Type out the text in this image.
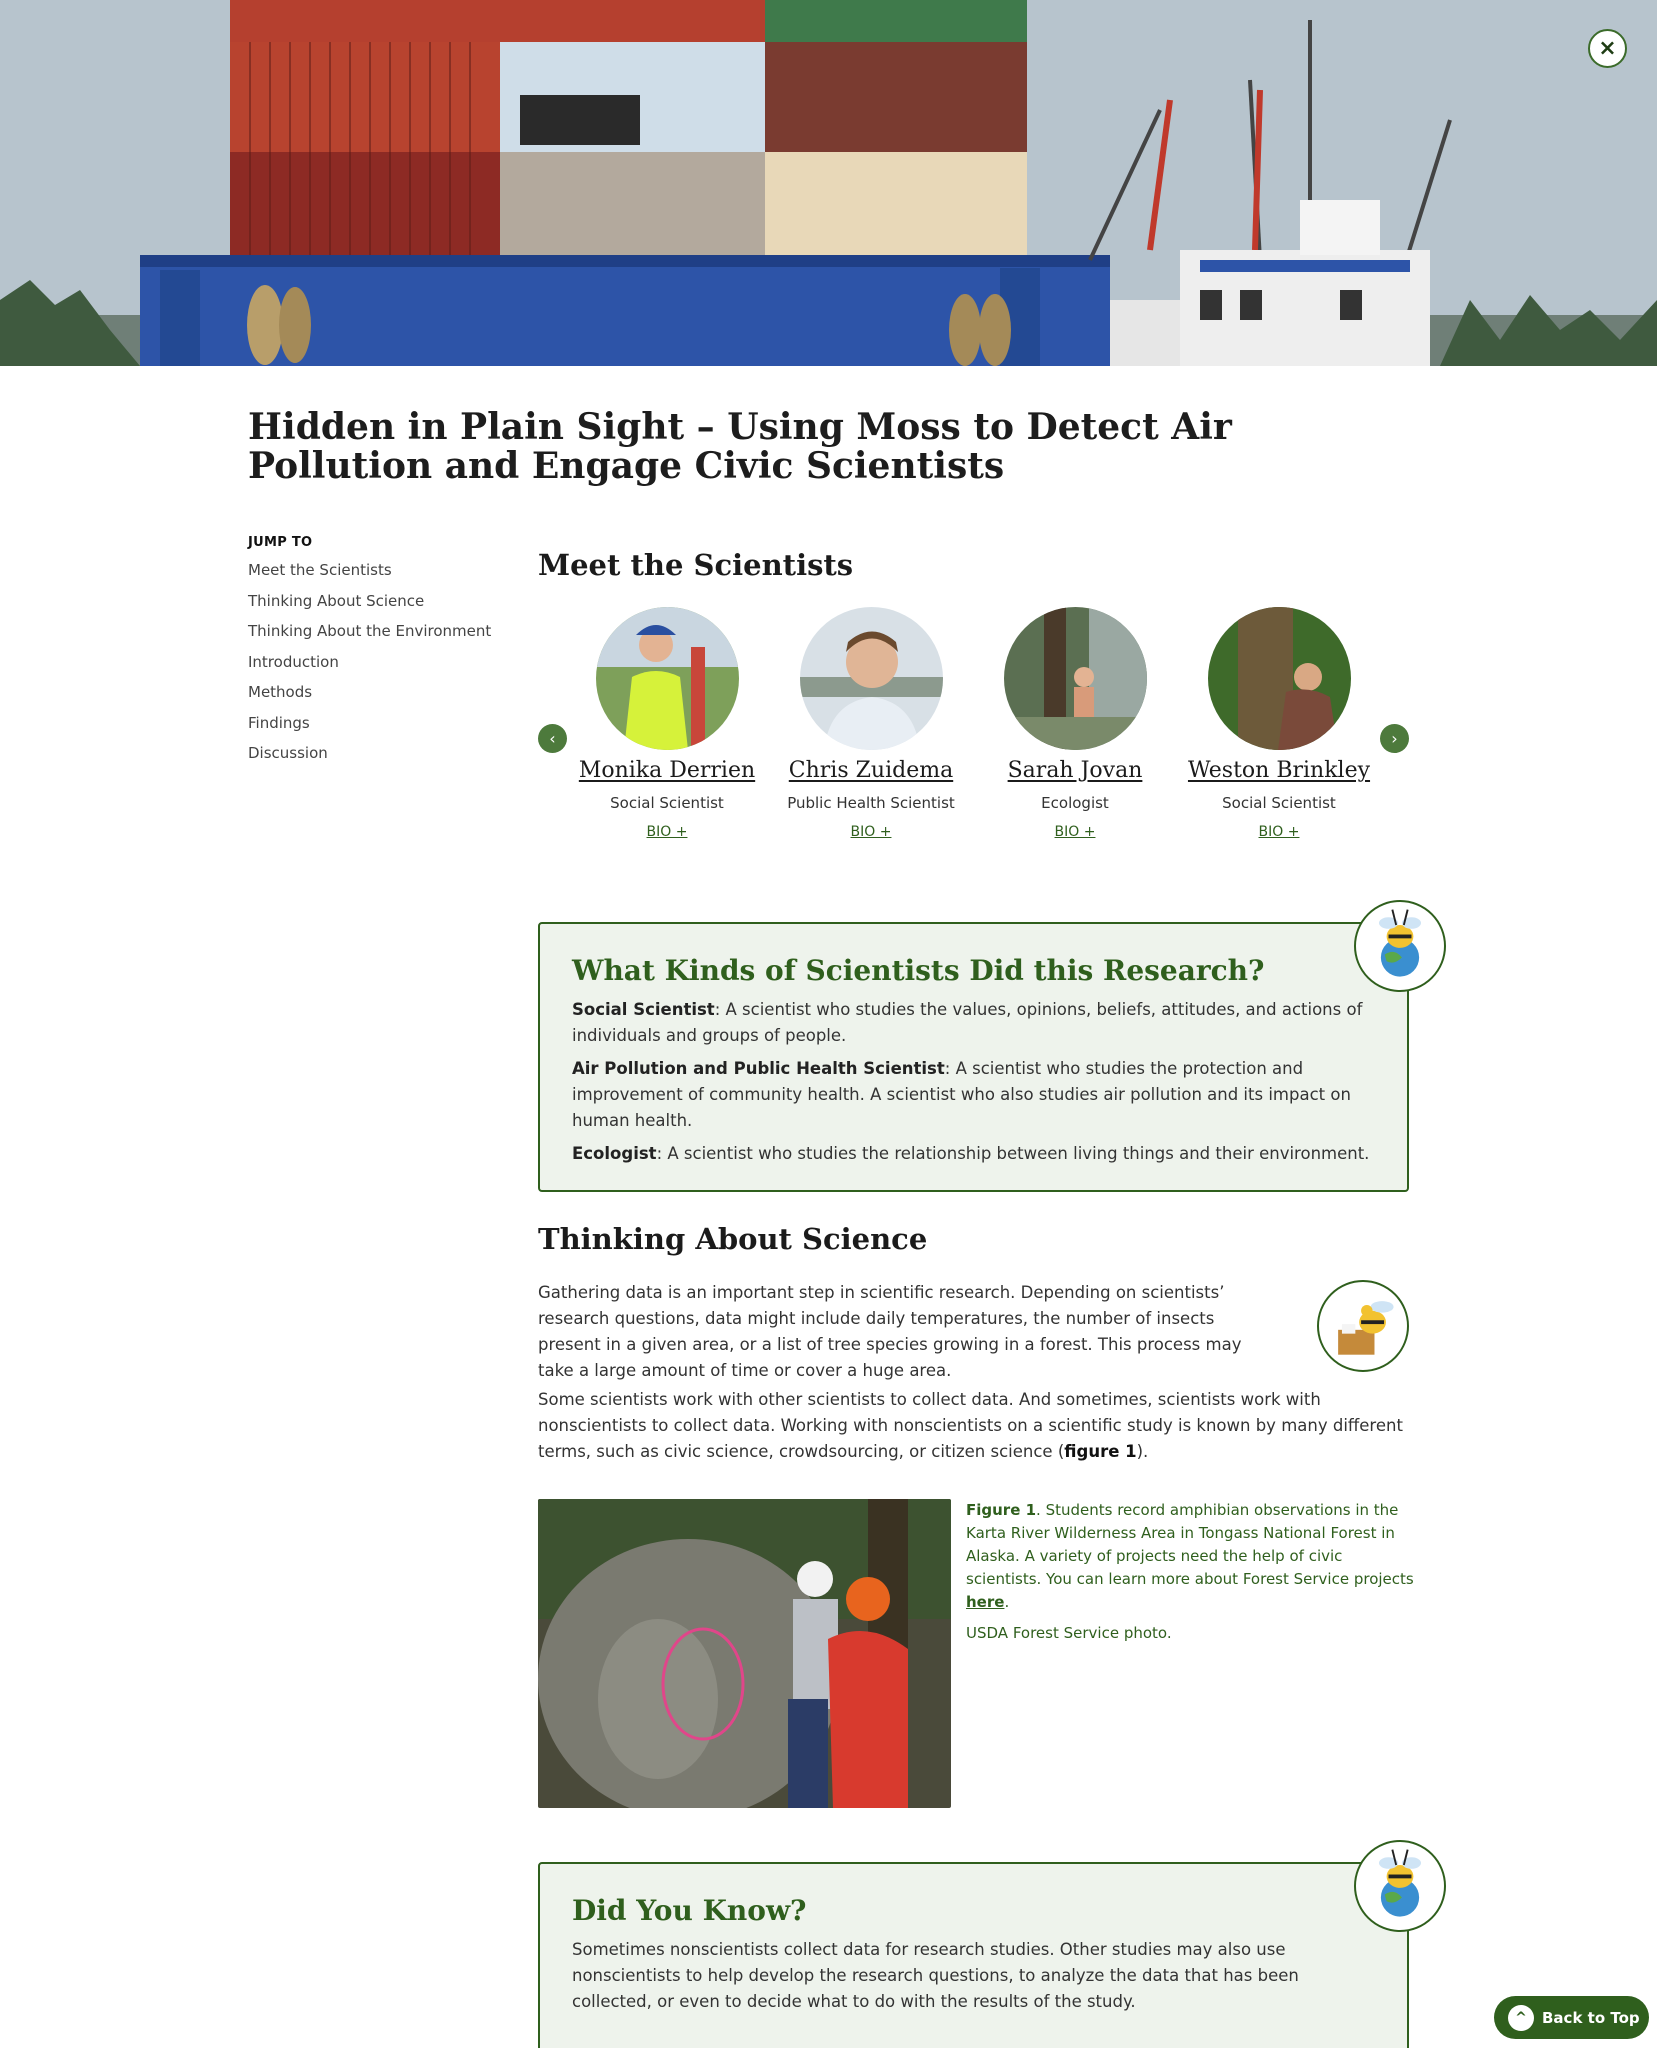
×
Hidden in Plain Sight – Using Moss to Detect Air Pollution and Engage Civic Scientists
JUMP TO
Meet the Scientists
Thinking About Science
Thinking About the Environment
Introduction
Methods
Findings
Discussion
Meet the Scientists
‹	›
Monika Derrien
Social Scientist
BIO +
Chris Zuidema
Public Health Scientist
BIO +
Sarah Jovan
Ecologist
BIO +
Weston Brinkley
Social Scientist
BIO +
What Kinds of Scientists Did this Research?

Social Scientist: A scientist who studies the values, opinions, beliefs, attitudes, and actions of individuals and groups of people.

Air Pollution and Public Health Scientist: A scientist who studies the protection and improvement of community health. A scientist who also studies air pollution and its impact on human health.

Ecologist: A scientist who studies the relationship between living things and their environment.

Thinking About Science

Gathering data is an important step in scientific research. Depending on scientists’ research questions, data might include daily temperatures, the number of insects present in a given area, or a list of tree species growing in a forest. This process may take a large amount of time or cover a huge area.

Some scientists work with other scientists to collect data. And sometimes, scientists work with nonscientists to collect data. Working with nonscientists on a scientific study is known by many different terms, such as civic science, crowdsourcing, or citizen science (figure 1).

Figure 1. Students record amphibian observations in the Karta River Wilderness Area in Tongass National Forest in Alaska. A variety of projects need the help of civic scientists. You can learn more about Forest Service projects here.

USDA Forest Service photo.

Did You Know?

Sometimes nonscientists collect data for research studies. Other studies may also use nonscientists to help develop the research questions, to analyze the data that has been collected, or even to decide what to do with the results of the study.

^	Back to Top
